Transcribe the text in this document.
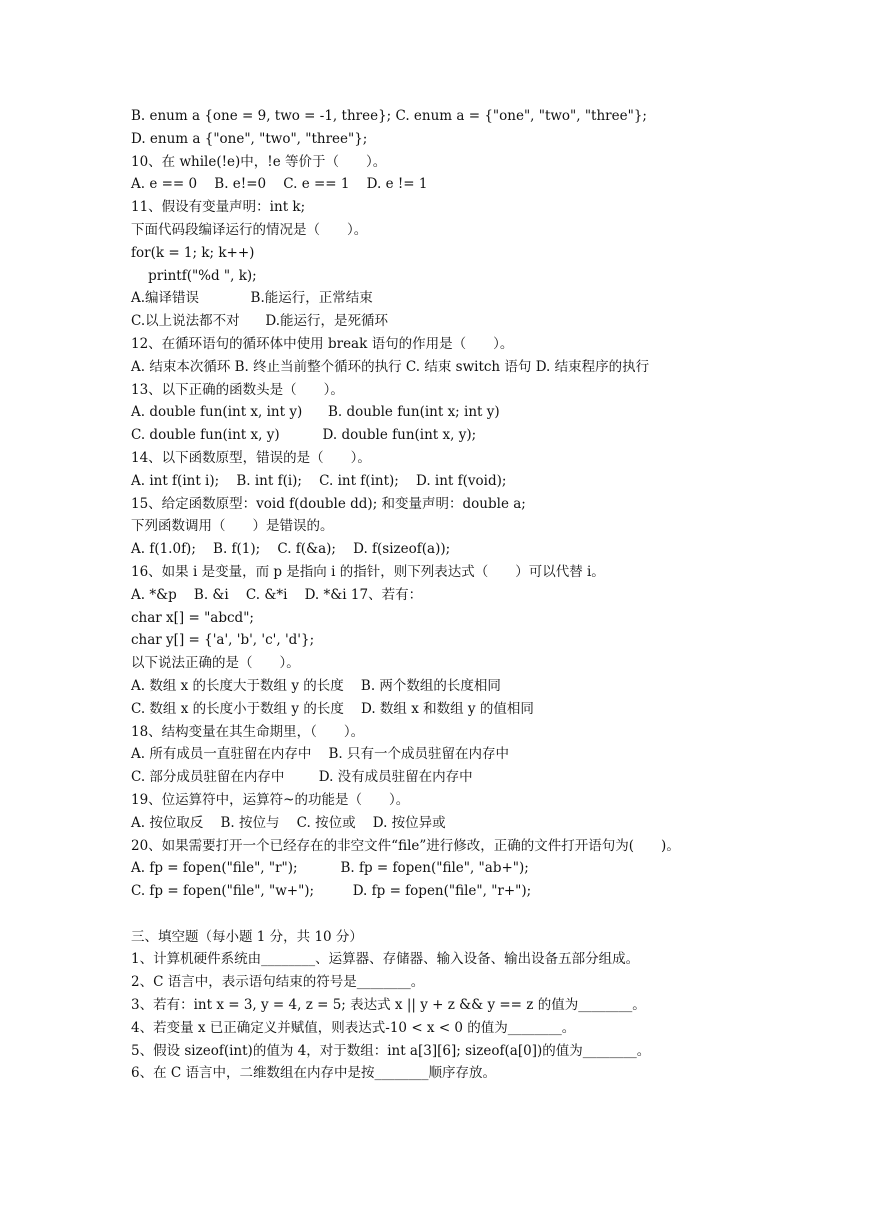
B. enum a {one = 9, two = -1, three}; C. enum a = {"one", "two", "three"};
D. enum a {"one", "two", "three"};
10、在 while(!e)中，!e 等价于（　　）。
A. e == 0    B. e!=0    C. e == 1    D. e != 1
11、假设有变量声明：int k;
下面代码段编译运行的情况是（　　）。
for(k = 1; k; k++)
printf("%d ", k);
A.编译错误            B.能运行，正常结束
C.以上说法都不对      D.能运行，是死循环
12、在循环语句的循环体中使用 break 语句的作用是（　　）。
A. 结束本次循环 B. 终止当前整个循环的执行 C. 结束 switch 语句 D. 结束程序的执行
13、以下正确的函数头是（　　）。
A. double fun(int x, int y)      B. double fun(int x; int y)
C. double fun(int x, y)          D. double fun(int x, y);
14、以下函数原型，错误的是（　　）。
A. int f(int i);    B. int f(i);    C. int f(int);    D. int f(void);
15、给定函数原型：void f(double dd); 和变量声明：double a;
下列函数调用（　　）是错误的。
A. f(1.0f);    B. f(1);    C. f(&a);    D. f(sizeof(a));
16、如果 i 是变量，而 p 是指向 i 的指针，则下列表达式（　　）可以代替 i。
A. *&p    B. &i    C. &*i    D. *&i 17、若有：
char x[] = "abcd";
char y[] = {'a', 'b', 'c', 'd'};
以下说法正确的是（　　）。
A. 数组 x 的长度大于数组 y 的长度    B. 两个数组的长度相同
C. 数组 x 的长度小于数组 y 的长度    D. 数组 x 和数组 y 的值相同
18、结构变量在其生命期里，（　　）。
A. 所有成员一直驻留在内存中    B. 只有一个成员驻留在内存中
C. 部分成员驻留在内存中        D. 没有成员驻留在内存中
19、位运算符中，运算符~的功能是（　　）。
A. 按位取反    B. 按位与    C. 按位或    D. 按位异或
20、如果需要打开一个已经存在的非空文件“file”进行修改，正确的文件打开语句为(　　)。
A. fp = fopen("file", "r");          B. fp = fopen("file", "ab+");
C. fp = fopen("file", "w+");         D. fp = fopen("file", "r+");
三、填空题（每小题 1 分，共 10 分）
1、计算机硬件系统由________、运算器、存储器、输入设备、输出设备五部分组成。
2、C 语言中，表示语句结束的符号是________。
3、若有：int x = 3, y = 4, z = 5; 表达式 x || y + z && y == z 的值为________。
4、若变量 x 已正确定义并赋值，则表达式-10 < x < 0 的值为________。
5、假设 sizeof(int)的值为 4，对于数组：int a[3][6]; sizeof(a[0])的值为________。
6、在 C 语言中，二维数组在内存中是按________顺序存放。
